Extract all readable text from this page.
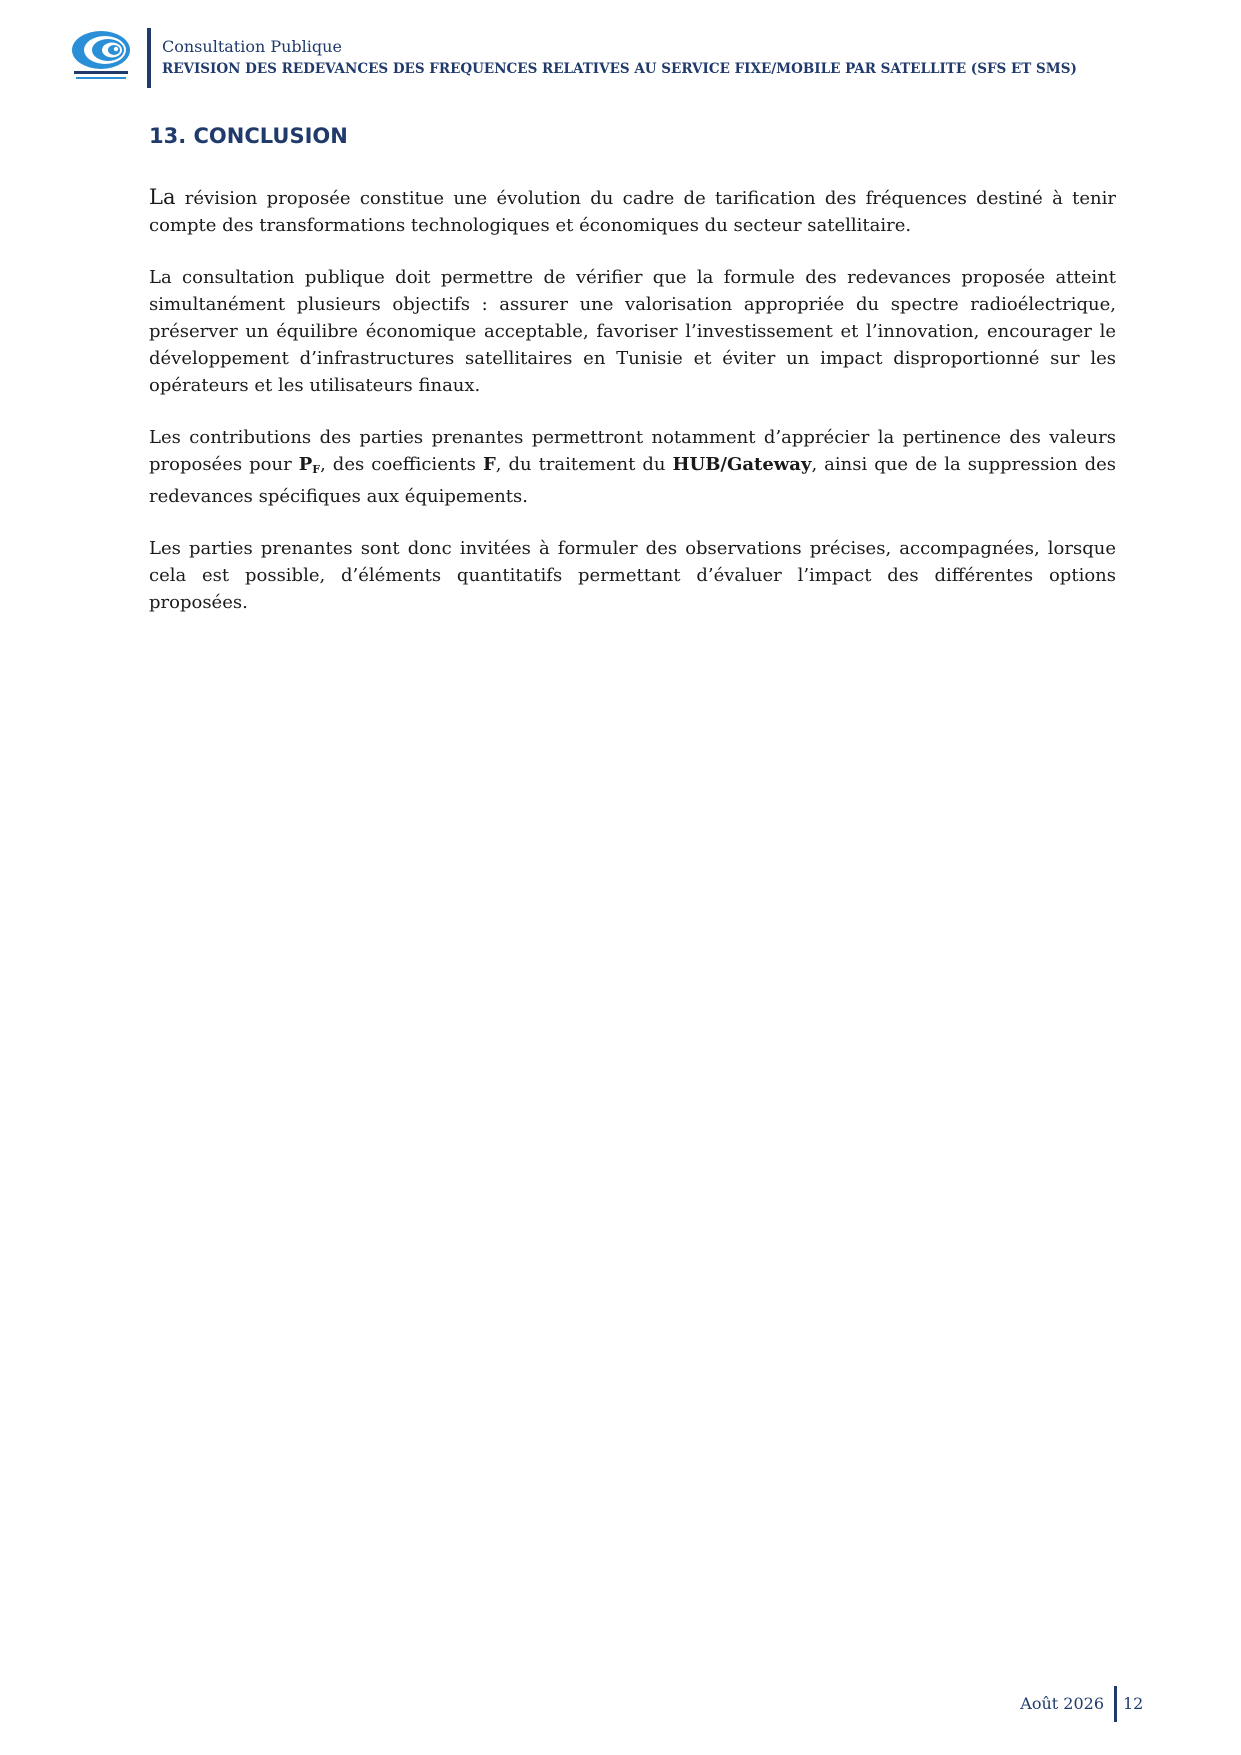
Consultation Publique
REVISION DES REDEVANCES DES FREQUENCES RELATIVES AU SERVICE FIXE/MOBILE PAR SATELLITE (SFS ET SMS)
13. CONCLUSION

La révision proposée constitue une évolution du cadre de tarification des fréquences destiné à tenir compte des transformations technologiques et économiques du secteur satellitaire.

La consultation publique doit permettre de vérifier que la formule des redevances proposée atteint simultanément plusieurs objectifs : assurer une valorisation appropriée du spectre radioélectrique, préserver un équilibre économique acceptable, favoriser l’investissement et l’innovation, encourager le développement d’infrastructures satellitaires en Tunisie et éviter un impact disproportionné sur les opérateurs et les utilisateurs finaux.

Les contributions des parties prenantes permettront notamment d’apprécier la pertinence des valeurs proposées pour $P_F$, des coefficients F, du traitement du HUB/Gateway, ainsi que de la suppression des redevances spécifiques aux équipements.

Les parties prenantes sont donc invitées à formuler des observations précises, accompagnées, lorsque cela est possible, d’éléments quantitatifs permettant d’évaluer l’impact des différentes options proposées.

Août 2026 12
